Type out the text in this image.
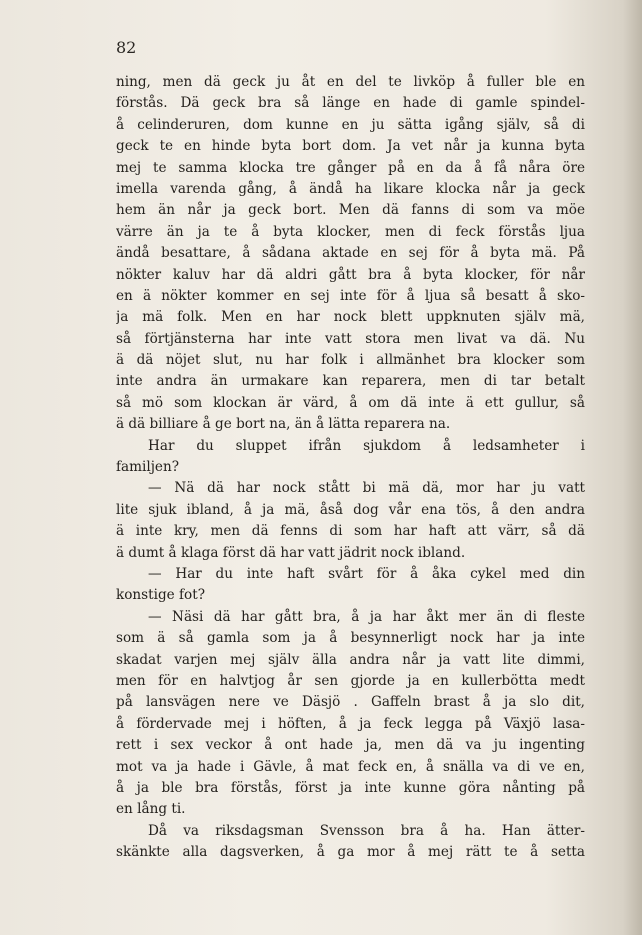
82
ning, men dä geck ju åt en del te livköp å fuller ble en
förstås. Dä geck bra så länge en hade di gamle spindel-
å celinderuren, dom kunne en ju sätta igång själv, så di
geck te en hinde byta bort dom. Ja vet når ja kunna byta
mej te samma klocka tre gånger på en da å få nåra öre
imella varenda gång, å ändå ha likare klocka når ja geck
hem än når ja geck bort. Men dä fanns di som va möe
värre än ja te å byta klocker, men di feck förstås ljua
ändå besattare, å sådana aktade en sej för å byta mä. På
nökter kaluv har dä aldri gått bra å byta klocker, för når
en ä nökter kommer en sej inte för å ljua så besatt å sko-
ja mä folk. Men en har nock blett uppknuten själv mä,
så förtjänsterna har inte vatt stora men livat va dä. Nu
ä dä nöjet slut, nu har folk i allmänhet bra klocker som
inte andra än urmakare kan reparera, men di tar betalt
så mö som klockan är värd, å om dä inte ä ett gullur, så
ä dä billiare å ge bort na, än å lätta reparera na.
Har du sluppet ifrån sjukdom å ledsamheter i
familjen?
— Nä dä har nock stått bi mä dä, mor har ju vatt
lite sjuk ibland, å ja mä, åså dog vår ena tös, å den andra
ä inte kry, men dä fenns di som har haft att värr, så dä
ä dumt å klaga först dä har vatt jädrit nock ibland.
— Har du inte haft svårt för å åka cykel med din
konstige fot?
— Näsi dä har gått bra, å ja har åkt mer än di fleste
som ä så gamla som ja å besynnerligt nock har ja inte
skadat varjen mej själv älla andra når ja vatt lite dimmi,
men för en halvtjog år sen gjorde ja en kullerbötta medt
på lansvägen nere ve Däsjö . Gaffeln brast å ja slo dit,
å fördervade mej i höften, å ja feck legga på Växjö lasa-
rett i sex veckor å ont hade ja, men dä va ju ingenting
mot va ja hade i Gävle, å mat feck en, å snälla va di ve en,
å ja ble bra förstås, först ja inte kunne göra nånting på
en lång ti.
Då va riksdagsman Svensson bra å ha. Han ätter-
skänkte alla dagsverken, å ga mor å mej rätt te å setta
